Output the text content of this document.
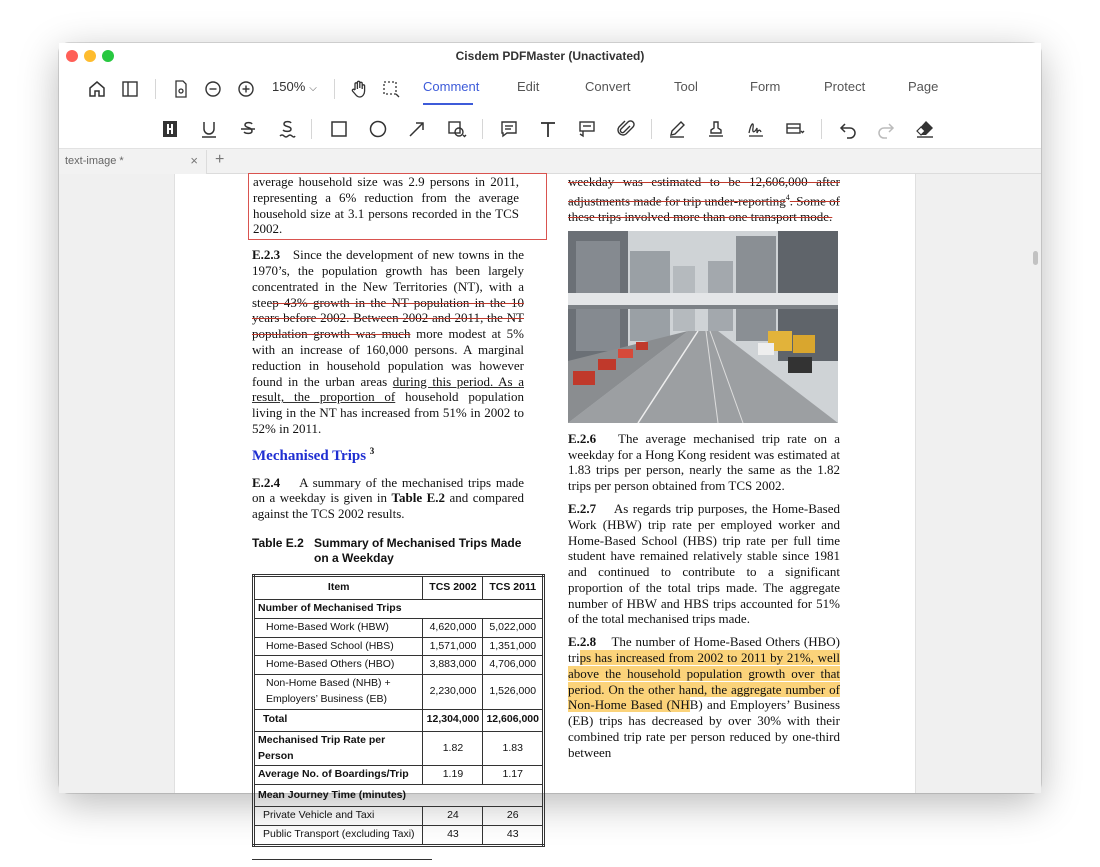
Cisdem PDFMaster (Unactivated)
150% ⌵	Comment	Edit	Convert	Tool	Form	Protect	Page
text-image *	× +
average household size was 2.9 persons in 2011, representing a 6% reduction from the average household size at 3.1 persons recorded in the TCS 2002.
E.2.3 Since the development of new towns in the 1970’s, the population growth has been largely concentrated in the New Territories (NT), with a steep 43% growth in the NT population in the 10 years before 2002. Between 2002 and 2011, the NT population growth was much more modest at 5% with an increase of 160,000 persons. A marginal reduction in household population was however found in the urban areas during this period. As a result, the proportion of household population living in the NT has increased from 51% in 2002 to 52% in 2011.
Mechanised Trips $^3$
E.2.4 A summary of the mechanised trips made on a weekday is given in Table E.2 and compared against the TCS 2002 results.
Table E.2 Summary of Mechanised Trips Made
on a Weekday
Item	TCS 2002	TCS 2011
Number of Mechanised Trips		
Home-Based Work (HBW)	4,620,000	5,022,000
Home-Based School (HBS)	1,571,000	1,351,000
Home-Based Others (HBO)	3,883,000	4,706,000
Non-Home Based (NHB) +
Employers’ Business (EB)	2,230,000	1,526,000
Total	12,304,000	12,606,000
Mechanised Trip Rate per Person	1.82	1.83
Average No. of Boardings/Trip	1.19	1.17
Mean Journey Time (minutes)		
Private Vehicle and Taxi	24	26
Public Transport (excluding Taxi)	43	43
weekday was estimated to be 12,606,000 after adjustments made for trip under-reporting$^4$. Some of these trips involved more than one transport mode.
E.2.6 The average mechanised trip rate on a weekday for a Hong Kong resident was estimated at 1.83 trips per person, nearly the same as the 1.82 trips per person obtained from TCS 2002.
E.2.7 As regards trip purposes, the Home-Based Work (HBW) trip rate per employed worker and Home-Based School (HBS) trip rate per full time student have remained relatively stable since 1981 and continued to contribute to a significant proportion of the total trips made. The aggregate number of HBW and HBS trips accounted for 51% of the total mechanised trips made.
E.2.8 The number of Home-Based Others (HBO) trips has increased from 2002 to 2011 by 21%, well above the household population growth over that period. On the other hand, the aggregate number of Non-Home Based (NHB) and Employers’ Business (EB) trips has decreased by over 30% with their combined trip rate per person reduced by one-third between
